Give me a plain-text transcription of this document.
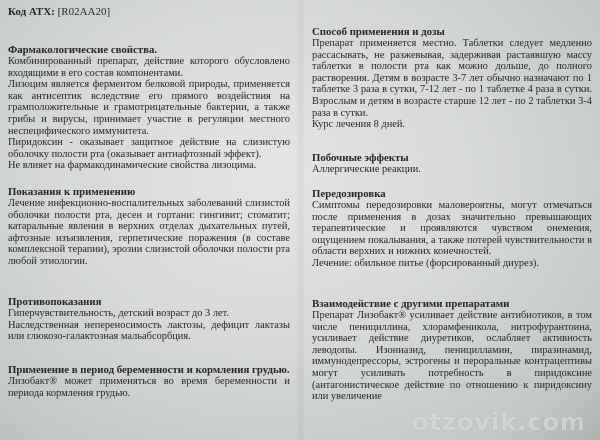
Код АТХ: [R02AA20]
Фармакологические свойства.

Комбинированный препарат, действие которого обусловлено входящими в его состав компонентами.

Лизоцим является ферментом белковой природы, применяется как антисептик вследствие его прямого воздействия на грамположительные и грамотрицательные бактерии, а также грибы и вирусы, принимает участие в регуляции местного неспецифического иммунитета.

Пиридоксин - оказывает защитное действие на слизистую оболочку полости рта (оказывает антиафтозный эффект).

Не влияет на фармакодинамические свойства лизоцима.

Показания к применению

Лечение инфекционно-воспалительных заболеваний слизистой оболочки полости рта, десен и гортани: гингивит; стоматит; катаральные явления в верхних отделах дыхательных путей, афтозные изъязвления, герпетические поражения (в составе комплексной терапии), эрозии слизистой оболочки полости рта любой этиологии.

Противопоказания

Гиперчувствительность, детский возраст до 3 лет.

Наследственная непереносимость лактозы, дефицит лактазы или глюкозо-галактозная мальабсорбция.

Применение в период беременности и кормления грудью.

Лизобакт® может применяться во время беременности и периода кормления грудью.

Способ применения и дозы

Препарат применяется местно. Таблетки следует медленно рассасывать, не разжевывая, задерживая растаявшую массу таблетки в полости рта как можно дольше, до полного растворения. Детям в возрасте 3-7 лет обычно назначают по 1 таблетке 3 раза в сутки, 7-12 лет - по 1 таблетке 4 раза в сутки. Взрослым и детям в возрасте старше 12 лет - по 2 таблетки 3-4 раза в сутки.

Курс лечения 8 дней.

Побочные эффекты

Аллергические реакции.

Передозировка

Симптомы передозировки маловероятны, могут отмечаться после применения в дозах значительно превышающих терапевтические и проявляются чувством онемения, ощущением покалывания, а также потерей чувствительности в области верхних и нижних конечностей.

Лечение: обильное питье (форсированный диурез).

Взаимодействие с другими препаратами

Препарат Лизобакт® усиливает действие антибиотиков, в том числе пенициллина, хлорамфеникола, нитрофурантоина, усиливает действие диуретиков, ослабляет активность леводопы. Изониазид, пеницилламин, пиразинамид, иммунодепрессоры, эстрогены и пероральные контрацептивы могут усиливать потребность в пиридоксине (антагонистическое действие по отношению к пиридоксину или увеличение

otzovik.com
